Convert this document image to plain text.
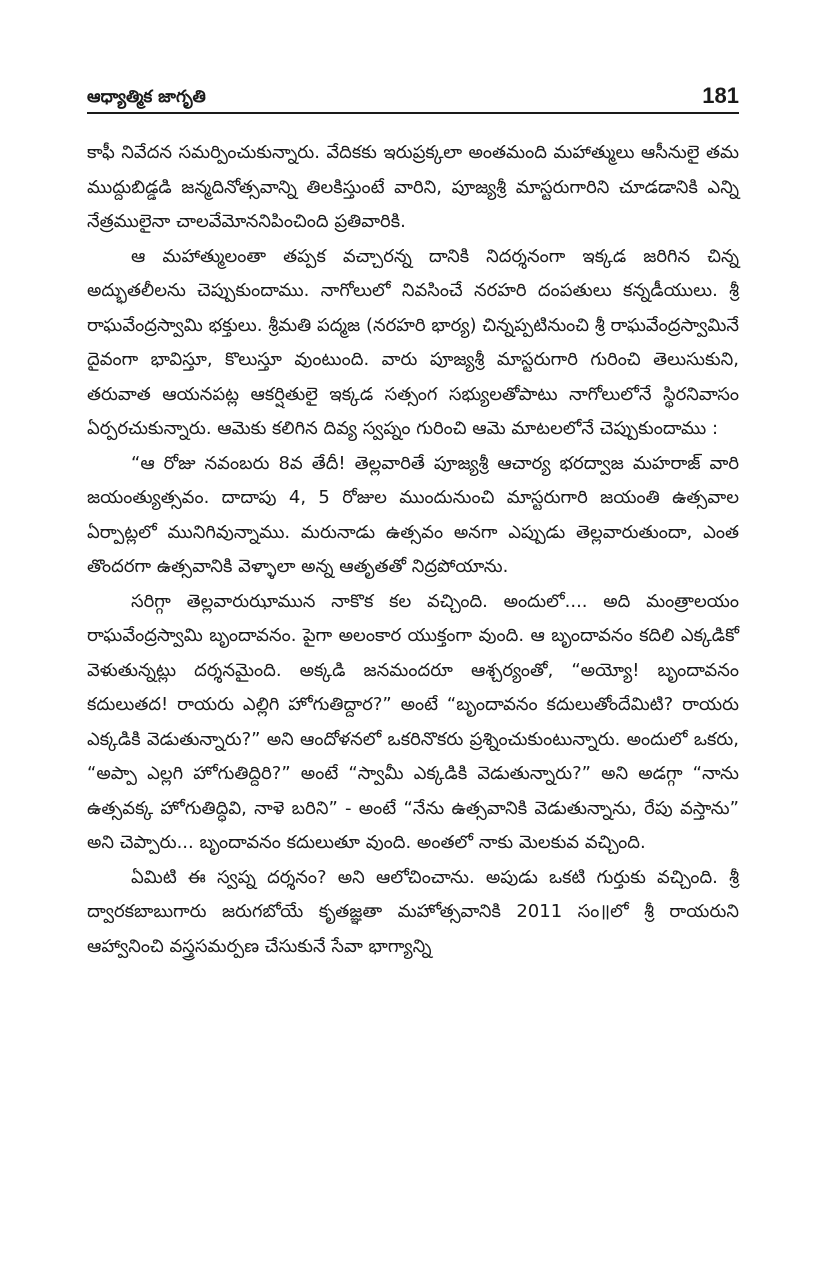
ఆధ్యాత్మిక జాగృతి	181

కాఫీ నివేదన సమర్పించుకున్నారు. వేదికకు ఇరుప్రక్కలా అంతమంది మహాత్ములు ఆసీనులై తమ ముద్దుబిడ్డడి జన్మదినోత్సవాన్ని తిలకిస్తుంటే వారిని, పూజ్యశ్రీ మాస్టరుగారిని చూడడానికి ఎన్ని నేత్రములైనా చాలవేమోననిపించింది ప్రతివారికి.

ఆ మహాత్ములంతా తప్పక వచ్చారన్న దానికి నిదర్శనంగా ఇక్కడ జరిగిన చిన్న అద్భుతలీలను చెప్పుకుందాము. నాగోలులో నివసించే నరహరి దంపతులు కన్నడీయులు. శ్రీ రాఘవేంద్రస్వామి భక్తులు. శ్రీమతి పద్మజ (నరహరి భార్య) చిన్నప్పటినుంచి శ్రీ రాఘవేంద్రస్వామినే దైవంగా భావిస్తూ, కొలుస్తూ వుంటుంది. వారు పూజ్యశ్రీ మాస్టరుగారి గురించి తెలుసుకుని, తరువాత ఆయనపట్ల ఆకర్షితులై ఇక్కడ సత్సంగ సభ్యులతోపాటు నాగోలులోనే స్థిరనివాసం ఏర్పరచుకున్నారు. ఆమెకు కలిగిన దివ్య స్వప్నం గురించి ఆమె మాటలలోనే చెప్పుకుందాము :

“ఆ రోజు నవంబరు 8వ తేదీ! తెల్లవారితే పూజ్యశ్రీ ఆచార్య భరద్వాజ మహరాజ్ వారి జయంత్యుత్సవం. దాదాపు 4, 5 రోజుల ముందునుంచి మాస్టరుగారి జయంతి ఉత్సవాల ఏర్పాట్లలో మునిగివున్నాము. మరునాడు ఉత్సవం అనగా ఎప్పుడు తెల్లవారుతుందా, ఎంత తొందరగా ఉత్సవానికి వెళ్ళాలా అన్న ఆతృతతో నిద్రపోయాను.

సరిగ్గా తెల్లవారుఝామున నాకొక కల వచ్చింది. అందులో.... అది మంత్రాలయం రాఘవేంద్రస్వామి బృందావనం. పైగా అలంకార యుక్తంగా వుంది. ఆ బృందావనం కదిలి ఎక్కడికో వెళుతున్నట్లు దర్శనమైంది. అక్కడి జనమందరూ ఆశ్చర్యంతో, “అయ్యో! బృందావనం కదులుతద! రాయరు ఎల్లిగి హోగుతిద్దార?” అంటే “బృందావనం కదులుతోందేమిటి? రాయరు ఎక్కడికి వెడుతున్నారు?” అని ఆందోళనలో ఒకరినొకరు ప్రశ్నించుకుంటున్నారు. అందులో ఒకరు, “అప్పా ఎల్లగి హోగుతిద్దిరి?” అంటే “స్వామీ ఎక్కడికి వెడుతున్నారు?” అని అడగ్గా “నాను ఉత్సవక్క హోగుతిద్ధివి, నాళె బరిని” - అంటే “నేను ఉత్సవానికి వెడుతున్నాను, రేపు వస్తాను” అని చెప్పారు... బృందావనం కదులుతూ వుంది. అంతలో నాకు మెలకువ వచ్చింది.

ఏమిటి ఈ స్వప్న దర్శనం? అని ఆలోచించాను. అపుడు ఒకటి గుర్తుకు వచ్చింది. శ్రీ ద్వారకబాబుగారు జరుగబోయే కృతజ్ఞతా మహోత్సవానికి 2011 సం॥లో శ్రీ రాయరుని ఆహ్వానించి వస్త్రసమర్పణ చేసుకునే సేవా భాగ్యాన్ని
